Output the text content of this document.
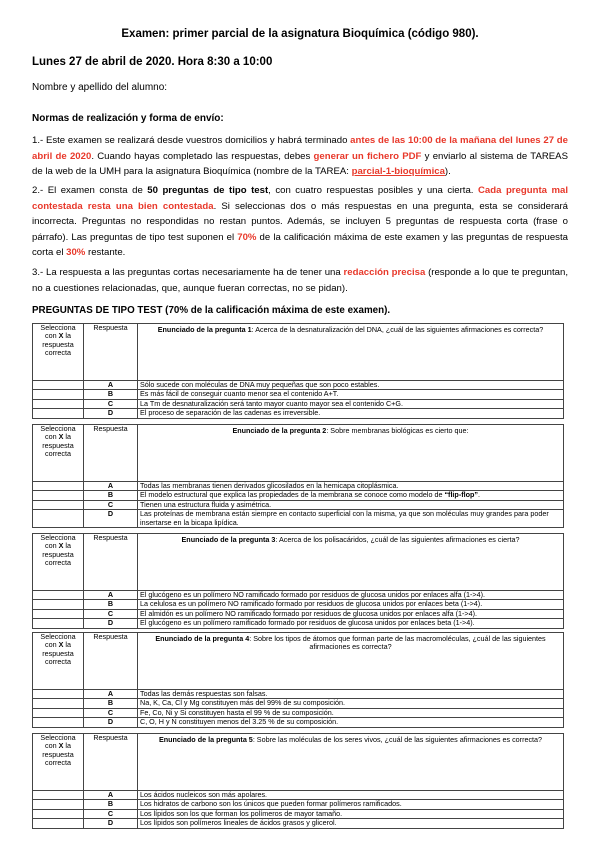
Examen: primer parcial de la asignatura Bioquímica (código 980).
Lunes 27 de abril de 2020. Hora 8:30 a 10:00
Nombre y apellido del alumno:
Normas de realización y forma de envío:
1.- Este examen se realizará desde vuestros domicilios y habrá terminado antes de las 10:00 de la mañana del lunes 27 de abril de 2020. Cuando hayas completado las respuestas, debes generar un fichero PDF y enviarlo al sistema de TAREAS de la web de la UMH para la asignatura Bioquímica (nombre de la TAREA: parcial-1-bioquímica).
2.- El examen consta de 50 preguntas de tipo test, con cuatro respuestas posibles y una cierta. Cada pregunta mal contestada resta una bien contestada. Si seleccionas dos o más respuestas en una pregunta, esta se considerará incorrecta. Preguntas no respondidas no restan puntos. Además, se incluyen 5 preguntas de respuesta corta (frase o párrafo). Las preguntas de tipo test suponen el 70% de la calificación máxima de este examen y las preguntas de respuesta corta el 30% restante.
3.- La respuesta a las preguntas cortas necesariamente ha de tener una redacción precisa (responde a lo que te preguntan, no a cuestiones relacionadas, que, aunque fueran correctas, no se pidan).
PREGUNTAS DE TIPO TEST (70% de la calificación máxima de este examen).
Selecciona con X la respuesta correcta	Respuesta	Enunciado de la pregunta 1: Acerca de la desnaturalización del DNA, ¿cuál de las siguientes afirmaciones es correcta?
	A	Sólo sucede con moléculas de DNA muy pequeñas que son poco estables.
	B	Es más fácil de conseguir cuanto menor sea el contenido A+T.
	C	La Tm de desnaturalización será tanto mayor cuanto mayor sea el contenido C+G.
	D	El proceso de separación de las cadenas es irreversible.
Selecciona con X la respuesta correcta	Respuesta	Enunciado de la pregunta 2: Sobre membranas biológicas es cierto que:
	A	Todas las membranas tienen derivados glicosilados en la hemicapa citoplásmica.
	B	El modelo estructural que explica las propiedades de la membrana se conoce como modelo de “flip-flop”.
	C	Tienen una estructura fluida y asimétrica.
	D	Las proteínas de membrana están siempre en contacto superficial con la misma, ya que son moléculas muy grandes para poder insertarse en la bicapa lipídica.
Selecciona con X la respuesta correcta	Respuesta	Enunciado de la pregunta 3: Acerca de los polisacáridos, ¿cuál de las siguientes afirmaciones es cierta?
	A	El glucógeno es un polímero NO ramificado formado por residuos de glucosa unidos por enlaces alfa (1->4).
	B	La celulosa es un polímero NO ramificado formado por residuos de glucosa unidos por enlaces beta (1->4).
	C	El almidón es un polímero NO ramificado formado por residuos de glucosa unidos por enlaces alfa (1->4).
	D	El glucógeno es un polímero ramificado formado por residuos de glucosa unidos por enlaces beta (1->4).
Selecciona con X la respuesta correcta	Respuesta	Enunciado de la pregunta 4: Sobre los tipos de átomos que forman parte de las macromoléculas, ¿cuál de las siguientes afirmaciones es correcta?
	A	Todas las demás respuestas son falsas.
	B	Na, K, Ca, Cl y Mg constituyen más del 99% de su composición.
	C	Fe, Co, Ni y Si constituyen hasta el 99 % de su composición.
	D	C, O, H y N constituyen menos del 3.25 % de su composición.
Selecciona con X la respuesta correcta	Respuesta	Enunciado de la pregunta 5: Sobre las moléculas de los seres vivos, ¿cuál de las siguientes afirmaciones es correcta?
	A	Los ácidos nucleicos son más apolares.
	B	Los hidratos de carbono son los únicos que pueden formar polímeros ramificados.
	C	Los lípidos son los que forman los polímeros de mayor tamaño.
	D	Los lípidos son polímeros lineales de ácidos grasos y glicerol.
